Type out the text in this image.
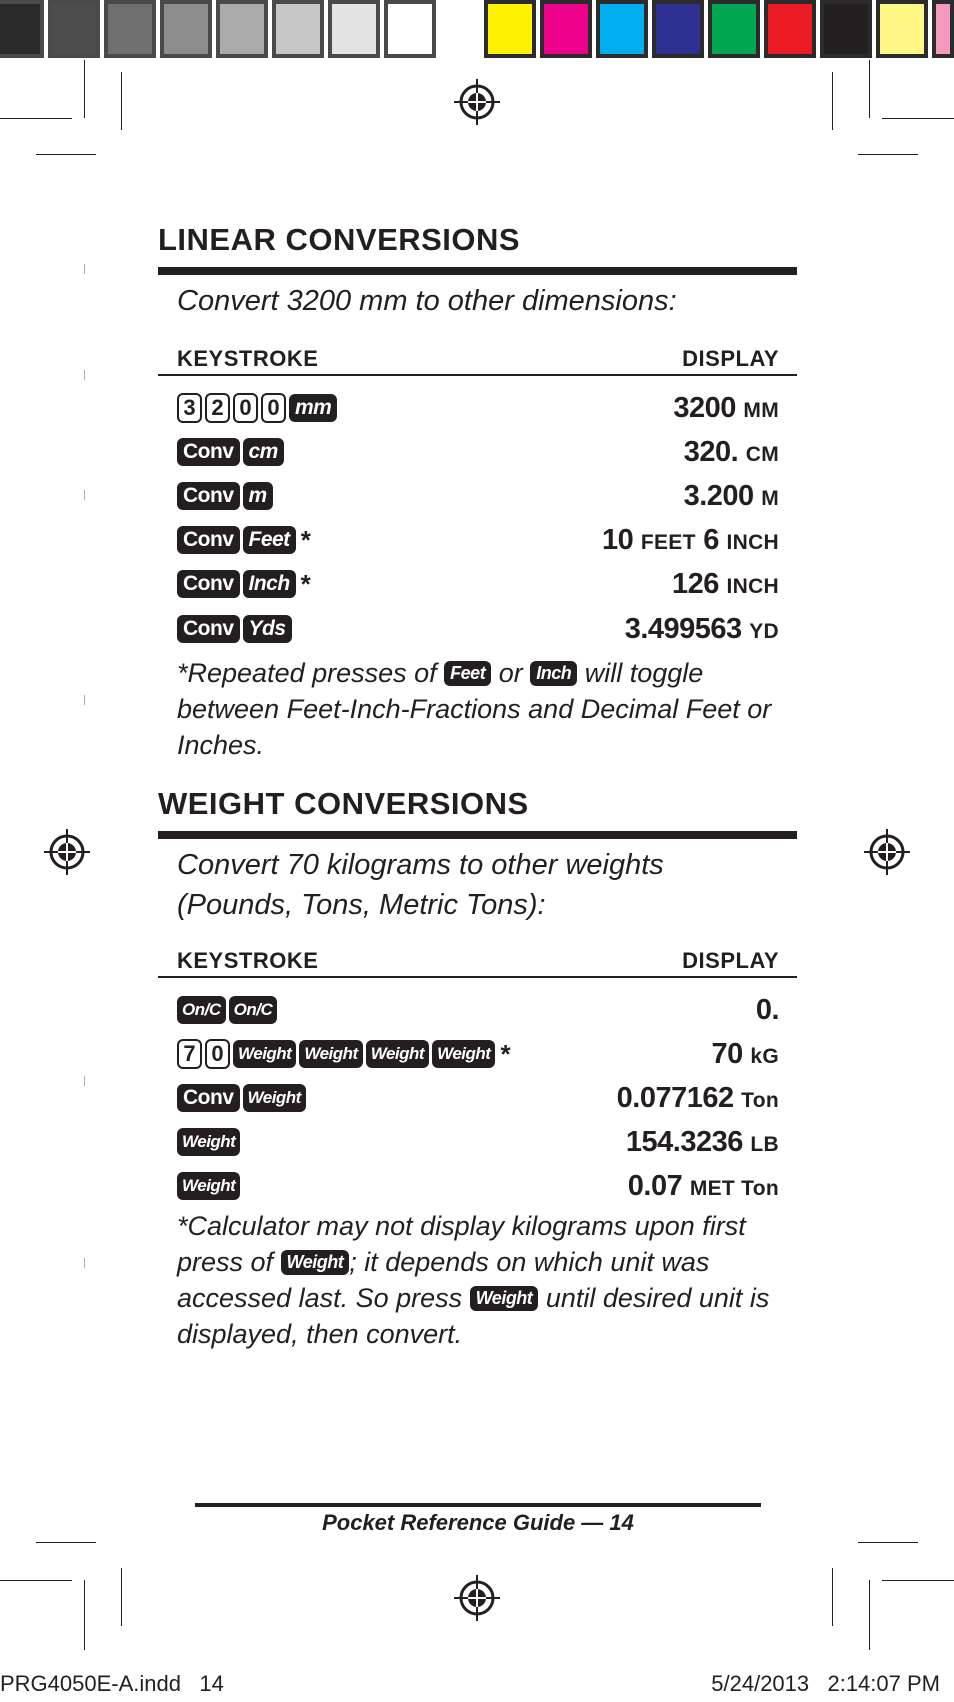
LINEAR CONVERSIONS
Convert 3200 mm to other dimensions:
KEYSTROKE	DISPLAY
3 2 0 0 mm	3200 MM
Conv cm	320. CM
Conv m	3.200 M
Conv Feet *	10 FEET 6 INCH
Conv Inch *	126 INCH
Conv Yds	3.499563 YD
*Repeated presses of Feet or Inch will toggle between Feet-Inch-Fractions and Decimal Feet or Inches.
WEIGHT CONVERSIONS
Convert 70 kilograms to other weights (Pounds, Tons, Metric Tons):
KEYSTROKE	DISPLAY
On/C On/C	0.
7 0 Weight Weight Weight Weight *	70 kG
Conv Weight	0.077162 Ton
Weight	154.3236 LB
Weight	0.07 MET Ton
*Calculator may not display kilograms upon first press of Weight ; it depends on which unit was accessed last. So press Weight until desired unit is displayed, then convert.
Pocket Reference Guide — 14
PRG4050E-A.indd   14	5/24/2013   2:14:07 PM
